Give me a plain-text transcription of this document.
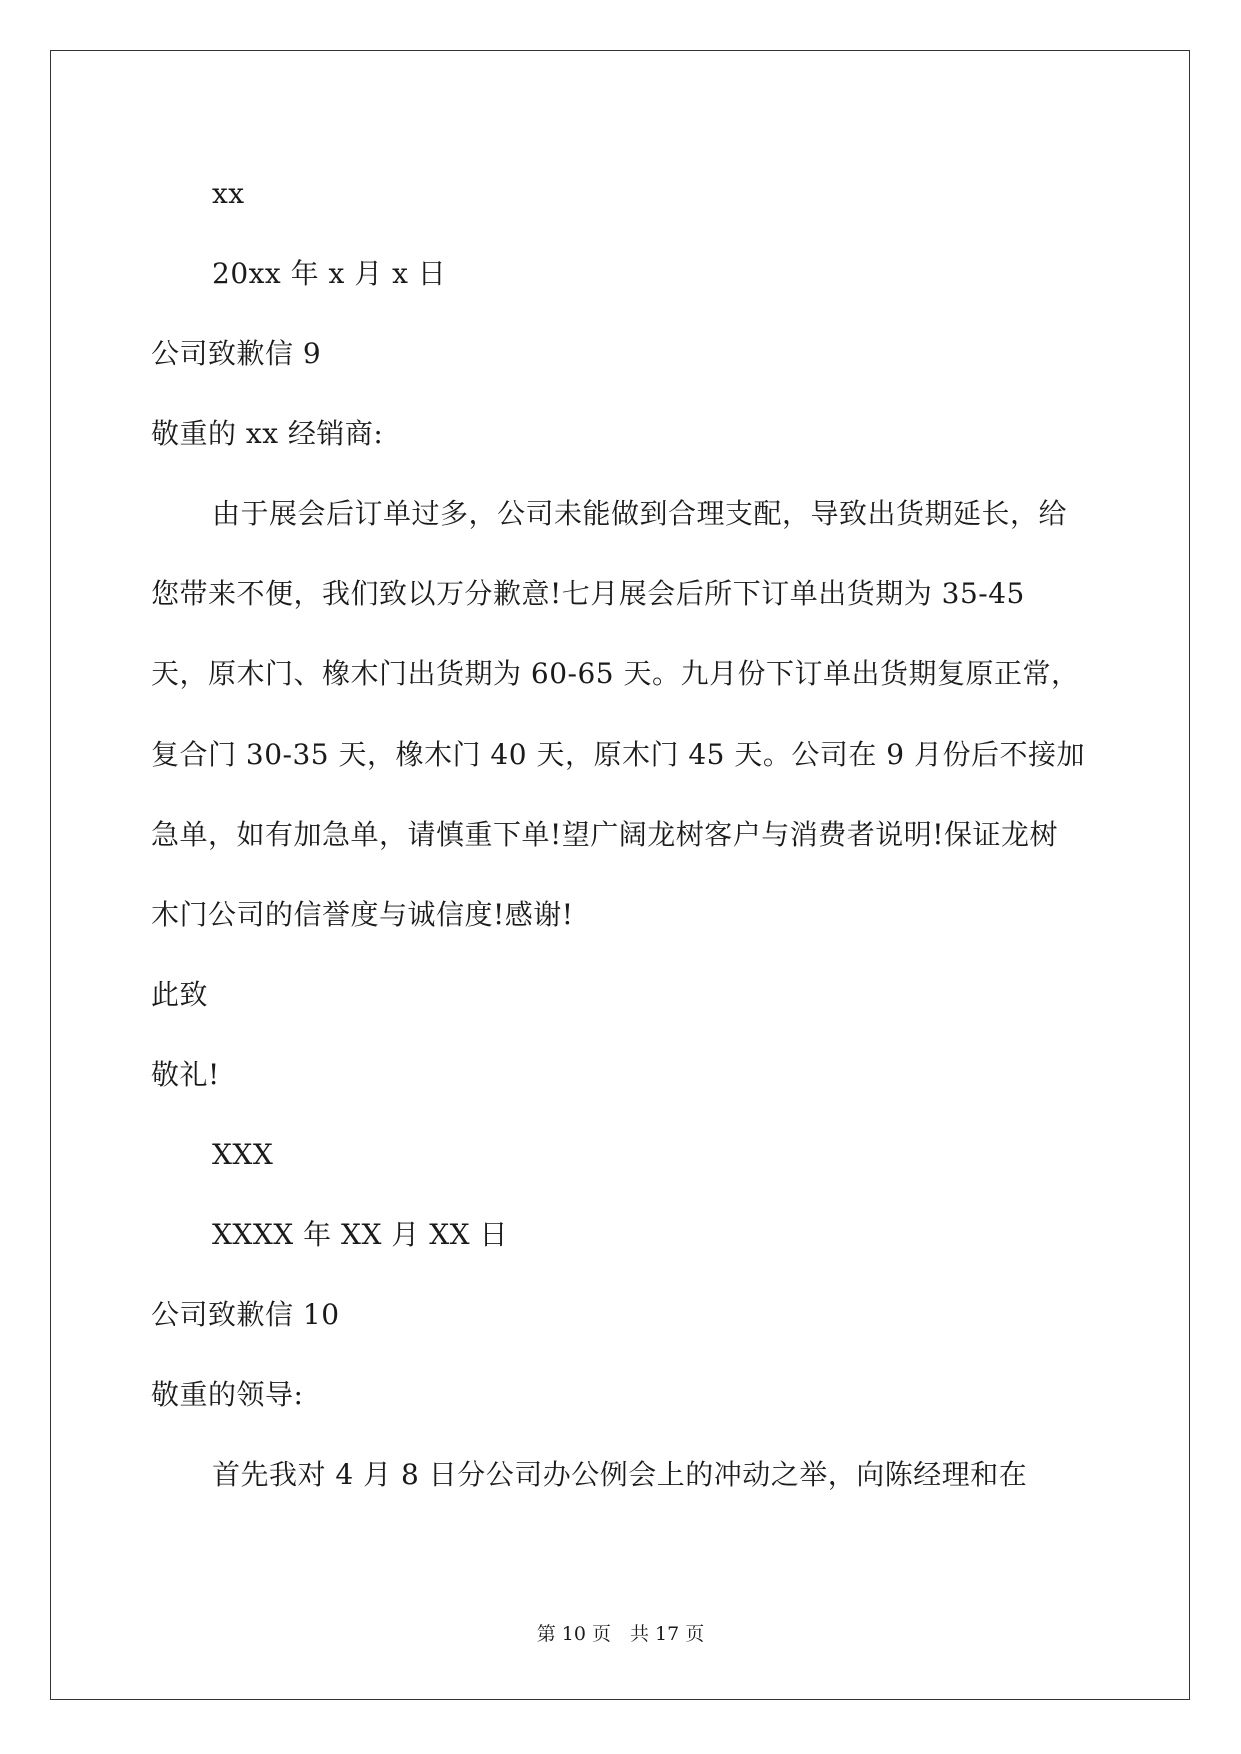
xx
20xx 年 x 月 x 日
公司致歉信 9
敬重的 xx 经销商:

由于展会后订单过多，公司未能做到合理支配，导致出货期延长，给您带来不便，我们致以万分歉意!七月展会后所下订单出货期为 35-45 天，原木门、橡木门出货期为 60-65 天。九月份下订单出货期复原正常，复合门 30-35 天，橡木门 40 天，原木门 45 天。公司在 9 月份后不接加急单，如有加急单，请慎重下单!望广阔龙树客户与消费者说明!保证龙树木门公司的信誉度与诚信度!感谢!

此致
敬礼!
XXX
XXXX 年 XX 月 XX 日
公司致歉信 10
敬重的领导:

首先我对 4 月 8 日分公司办公例会上的冲动之举，向陈经理和在

第 10 页　共 17 页
